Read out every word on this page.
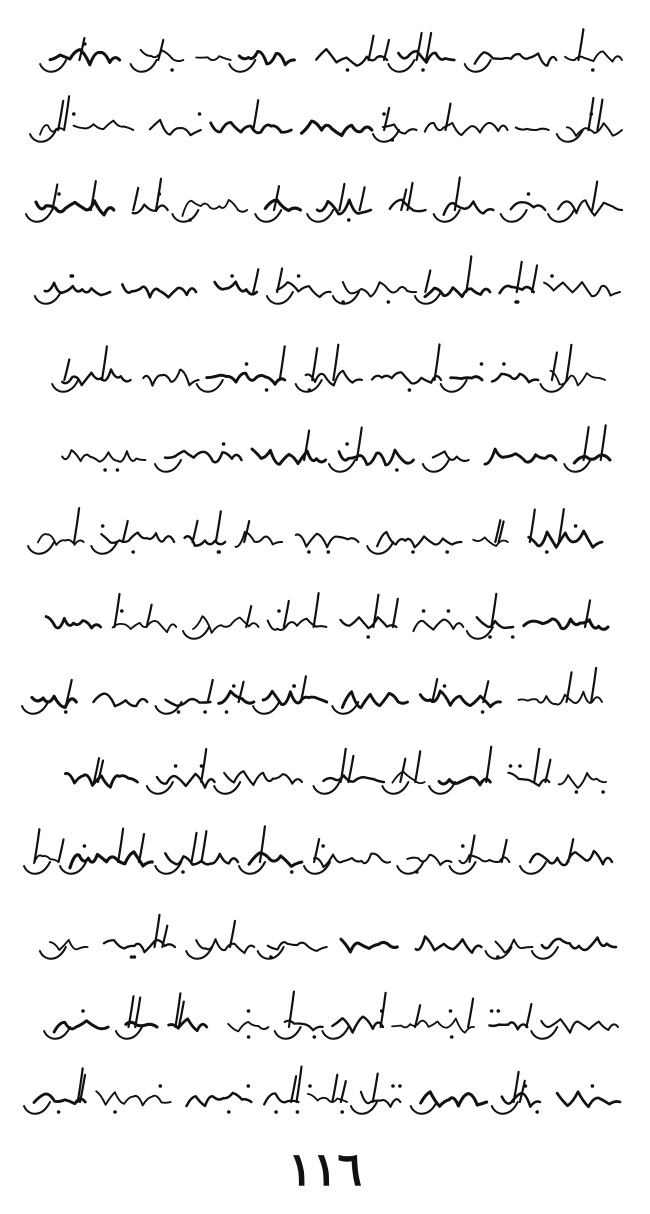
١١٦
